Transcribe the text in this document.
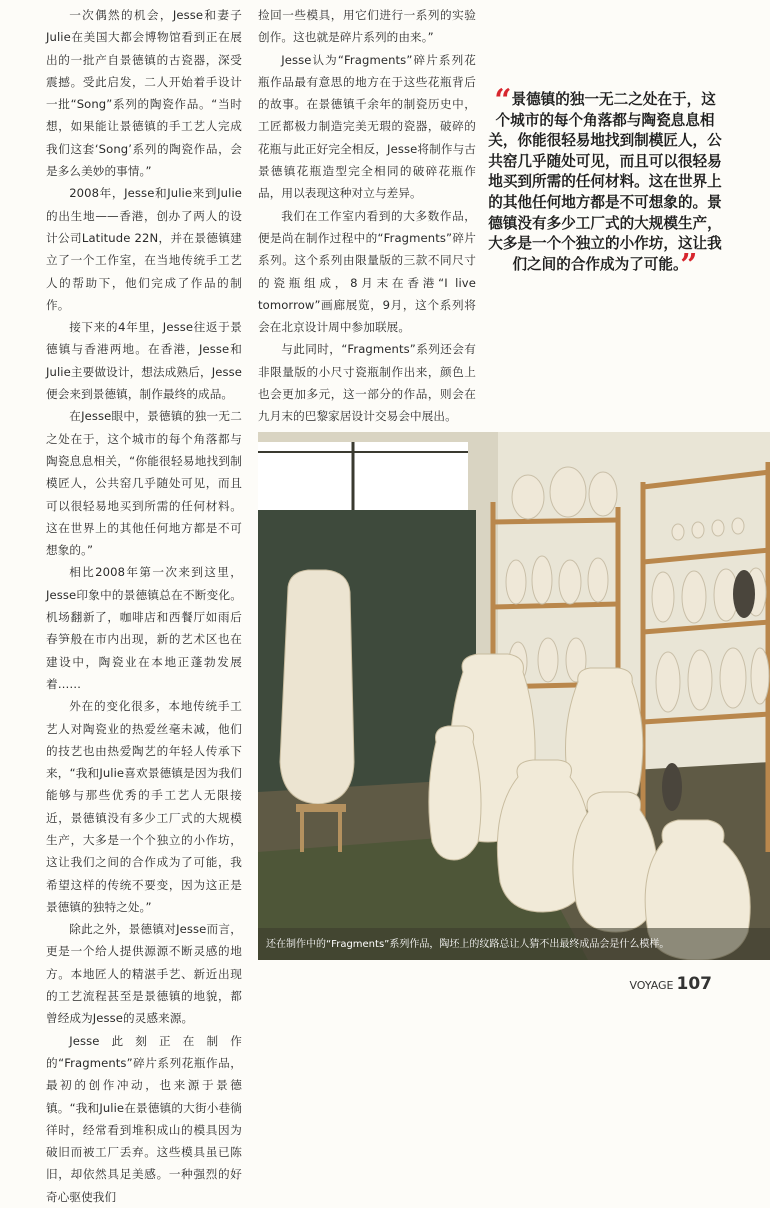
一次偶然的机会，Jesse和妻子Julie在美国大都会博物馆看到正在展出的一批产自景德镇的古瓷器，深受震撼。受此启发，二人开始着手设计一批“Song”系列的陶瓷作品。“当时想，如果能让景德镇的手工艺人完成我们这套‘Song’系列的陶瓷作品，会是多么美妙的事情。”

2008年，Jesse和Julie来到Julie的出生地——香港，创办了两人的设计公司Latitude 22N，并在景德镇建立了一个工作室，在当地传统手工艺人的帮助下，他们完成了作品的制作。

接下来的4年里，Jesse往返于景德镇与香港两地。在香港，Jesse和Julie主要做设计，想法成熟后，Jesse便会来到景德镇，制作最终的成品。

在Jesse眼中，景德镇的独一无二之处在于，这个城市的每个角落都与陶瓷息息相关，“你能很轻易地找到制模匠人，公共窑几乎随处可见，而且可以很轻易地买到所需的任何材料。这在世界上的其他任何地方都是不可想象的。”

相比2008年第一次来到这里，Jesse印象中的景德镇总在不断变化。机场翻新了，咖啡店和西餐厅如雨后春笋般在市内出现，新的艺术区也在建设中，陶瓷业在本地正蓬勃发展着……

外在的变化很多，本地传统手工艺人对陶瓷业的热爱丝毫未减，他们的技艺也由热爱陶艺的年轻人传承下来，“我和Julie喜欢景德镇是因为我们能够与那些优秀的手工艺人无限接近，景德镇没有多少工厂式的大规模生产，大多是一个个独立的小作坊，这让我们之间的合作成为了可能，我希望这样的传统不要变，因为这正是景德镇的独特之处。”

除此之外，景德镇对Jesse而言，更是一个给人提供源源不断灵感的地方。本地匠人的精湛手艺、新近出现的工艺流程甚至是景德镇的地貌，都曾经成为Jesse的灵感来源。

Jesse此刻正在制作的“Fragments”碎片系列花瓶作品，最初的创作冲动，也来源于景德镇。“我和Julie在景德镇的大街小巷徜徉时，经常看到堆积成山的模具因为破旧而被工厂丢弃。这些模具虽已陈旧，却依然具足美感。一种强烈的好奇心驱使我们

捡回一些模具，用它们进行一系列的实验创作。这也就是碎片系列的由来。”

Jesse认为“Fragments”碎片系列花瓶作品最有意思的地方在于这些花瓶背后的故事。在景德镇千余年的制瓷历史中，工匠都极力制造完美无瑕的瓷器，破碎的花瓶与此正好完全相反，Jesse将制作与古景德镇花瓶造型完全相同的破碎花瓶作品，用以表现这种对立与差异。

我们在工作室内看到的大多数作品，便是尚在制作过程中的“Fragments”碎片系列。这个系列由限量版的三款不同尺寸的瓷瓶组成，8月末在香港“I live tomorrow”画廊展览，9月，这个系列将会在北京设计周中参加联展。

与此同时，“Fragments”系列还会有非限量版的小尺寸瓷瓶制作出来，颜色上也会更加多元，这一部分的作品，则会在九月末的巴黎家居设计交易会中展出。

“景德镇的独一无二之处在于，这个城市的每个角落都与陶瓷息息相关，你能很轻易地找到制模匠人，公共窑几乎随处可见，而且可以很轻易地买到所需的任何材料。这在世界上的其他任何地方都是不可想象的。景德镇没有多少工厂式的大规模生产，大多是一个个独立的小作坊，这让我们之间的合作成为了可能。”
还在制作中的“Fragments”系列作品，陶坯上的纹路总让人猜不出最终成品会是什么模样。
VOYAGE 107
